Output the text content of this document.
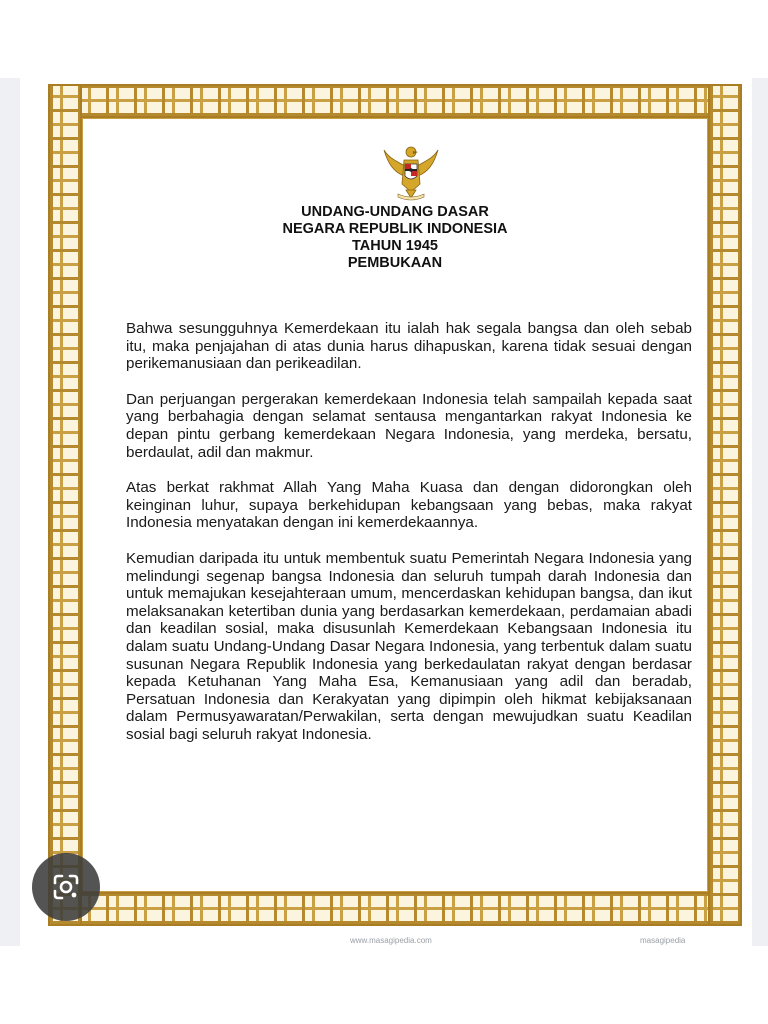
UNDANG-UNDANG DASAR
NEGARA REPUBLIK INDONESIA
TAHUN 1945
PEMBUKAAN

Bahwa sesungguhnya Kemerdekaan itu ialah hak segala bangsa dan oleh sebab itu, maka penjajahan di atas dunia harus dihapuskan, karena tidak sesuai dengan perikemanusiaan dan perikeadilan.

Dan perjuangan pergerakan kemerdekaan Indonesia telah sampailah kepada saat yang berbahagia dengan selamat sentausa mengantarkan rakyat Indonesia ke depan pintu gerbang kemerdekaan Negara Indonesia, yang merdeka, bersatu, berdaulat, adil dan makmur.

Atas berkat rakhmat Allah Yang Maha Kuasa dan dengan didorongkan oleh keinginan luhur, supaya berkehidupan kebangsaan yang bebas, maka rakyat Indonesia menyatakan dengan ini kemerdekaannya.

Kemudian daripada itu untuk membentuk suatu Pemerintah Negara Indonesia yang melindungi segenap bangsa Indonesia dan seluruh tumpah darah Indonesia dan untuk memajukan kesejahteraan umum, mencerdaskan kehidupan bangsa, dan ikut melaksanakan ketertiban dunia yang berdasarkan kemerdekaan, perdamaian abadi dan keadilan sosial, maka disusunlah Kemerdekaan Kebangsaan Indonesia itu dalam suatu Undang-Undang Dasar Negara Indonesia, yang terbentuk dalam suatu susunan Negara Republik Indonesia yang berkedaulatan rakyat dengan berdasar kepada Ketuhanan Yang Maha Esa, Kemanusiaan yang adil dan beradab, Persatuan Indonesia dan Kerakyatan yang dipimpin oleh hikmat kebijaksanaan dalam Permusyawaratan/Perwakilan, serta dengan mewujudkan suatu Keadilan sosial bagi seluruh rakyat Indonesia.

www.masagipedia.com	masagipedia
